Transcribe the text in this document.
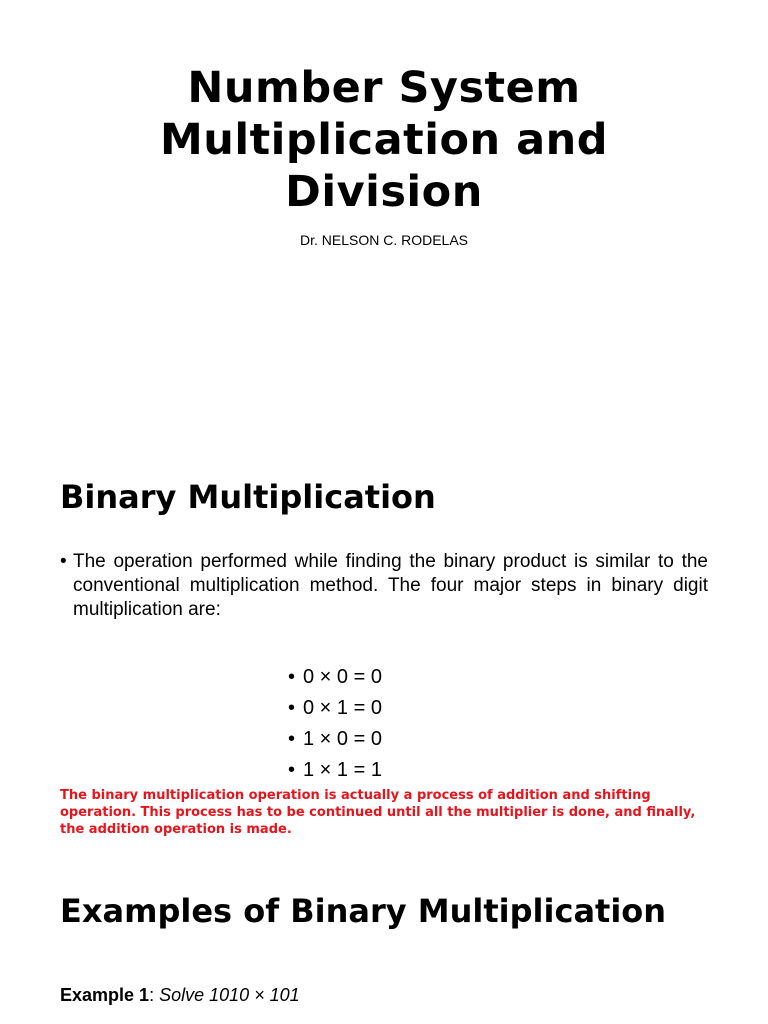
Number System Multiplication and Division

Dr. NELSON C. RODELAS

Binary Multiplication
• The operation performed while finding the binary product is similar to the conventional multiplication method. The four major steps in binary digit multiplication are:
• 0 × 0 = 0
• 0 × 1 = 0
• 1 × 0 = 0
• 1 × 1 = 1

The binary multiplication operation is actually a process of addition and shifting operation. This process has to be continued until all the multiplier is done, and finally, the addition operation is made.

Examples of Binary Multiplication

Example 1: Solve 1010 × 101
